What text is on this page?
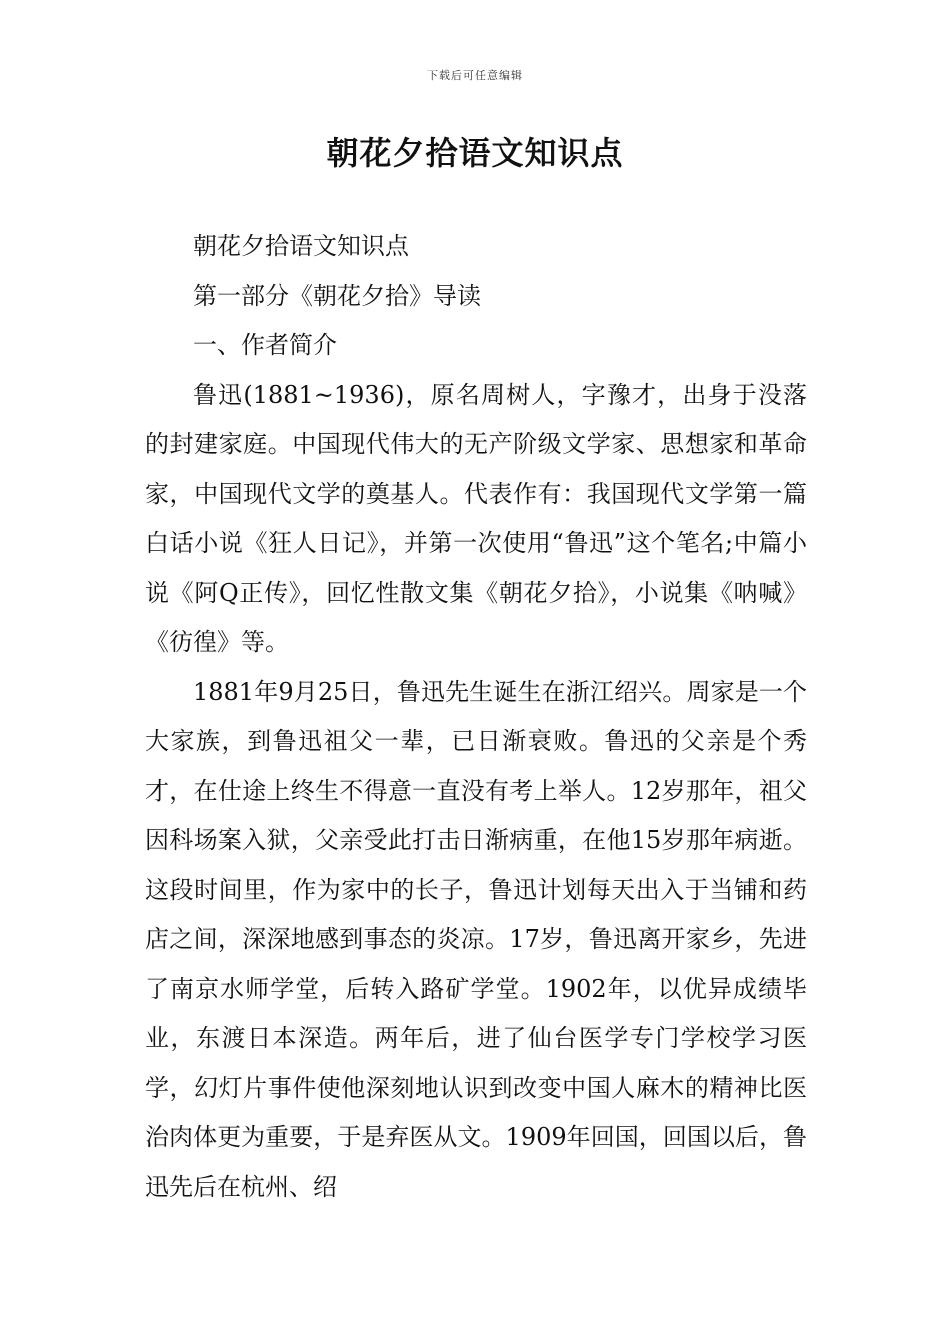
下载后可任意编辑
朝花夕拾语文知识点

朝花夕拾语文知识点

第一部分《朝花夕拾》导读

一、作者简介

鲁迅(1881~1936)，原名周树人，字豫才，出身于没落的封建家庭。中国现代伟大的无产阶级文学家、思想家和革命家，中国现代文学的奠基人。代表作有：我国现代文学第一篇白话小说《狂人日记》，并第一次使用“鲁迅”这个笔名;中篇小说《阿Q正传》，回忆性散文集《朝花夕拾》，小说集《呐喊》《彷徨》等。

1881年9月25日，鲁迅先生诞生在浙江绍兴。周家是一个大家族，到鲁迅祖父一辈，已日渐衰败。鲁迅的父亲是个秀才，在仕途上终生不得意一直没有考上举人。12岁那年，祖父因科场案入狱，父亲受此打击日渐病重，在他15岁那年病逝。这段时间里，作为家中的长子，鲁迅计划每天出入于当铺和药店之间，深深地感到事态的炎凉。17岁，鲁迅离开家乡，先进了南京水师学堂，后转入路矿学堂。1902年，以优异成绩毕业，东渡日本深造。两年后，进了仙台医学专门学校学习医学，幻灯片事件使他深刻地认识到改变中国人麻木的精神比医治肉体更为重要，于是弃医从文。1909年回国，回国以后，鲁迅先后在杭州、绍
